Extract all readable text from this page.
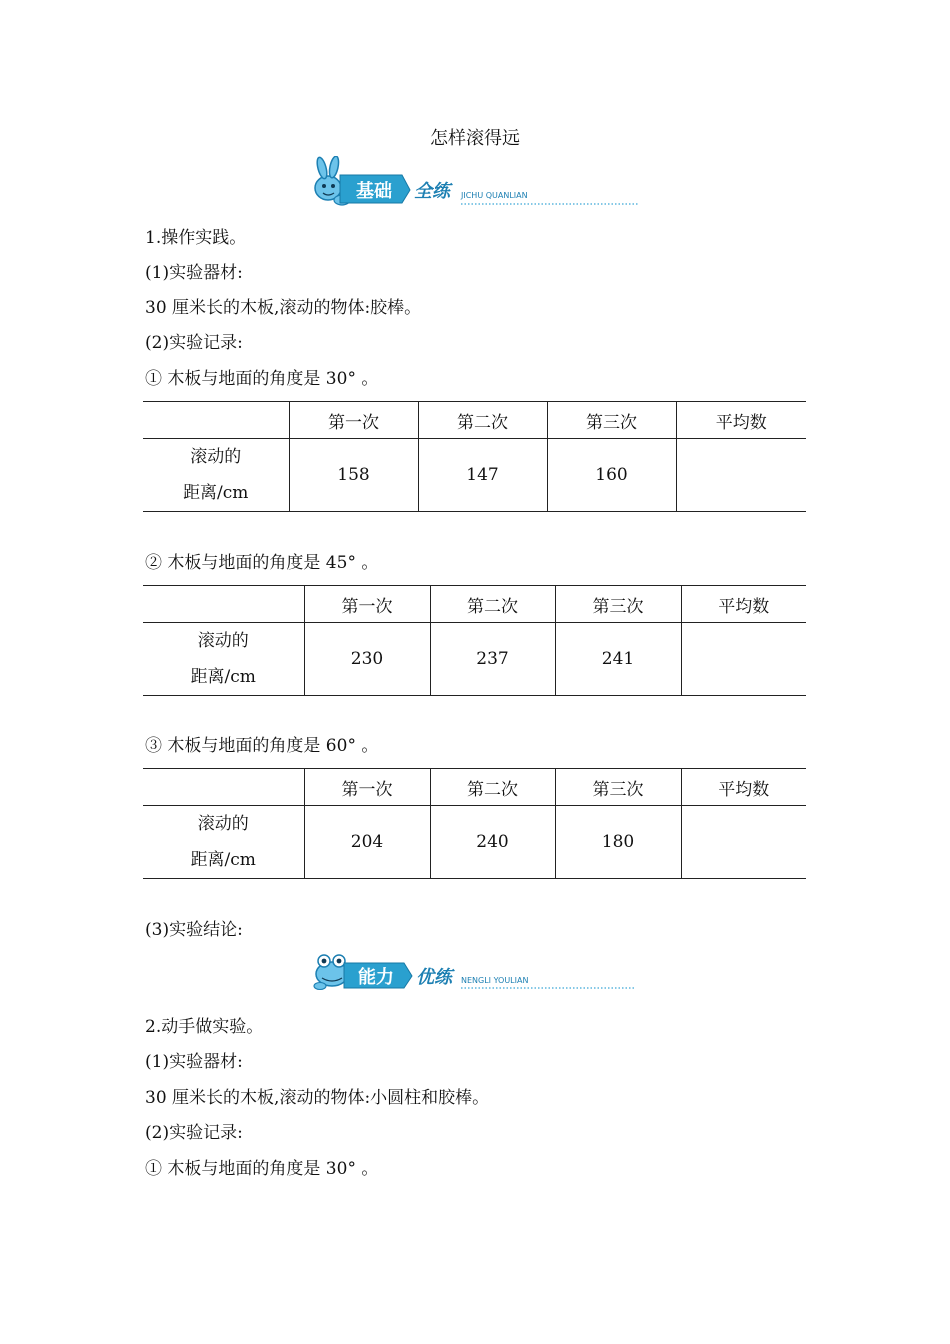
怎样滚得远
基础 全练	JICHU QUANLIAN
1.操作实践。
(1)实验器材:
30 厘米长的木板,滚动的物体:胶棒。
(2)实验记录:
① 木板与地面的角度是 30° 。
	第一次	第二次	第三次	平均数

滚动的
距离/cm	158	147	160	
② 木板与地面的角度是 45° 。
	第一次	第二次	第三次	平均数

滚动的
距离/cm	230	237	241	
③ 木板与地面的角度是 60° 。
	第一次	第二次	第三次	平均数

滚动的
距离/cm	204	240	180	
(3)实验结论:
能力 优练	NENGLI YOULIAN
2.动手做实验。
(1)实验器材:
30 厘米长的木板,滚动的物体:小圆柱和胶棒。
(2)实验记录:
① 木板与地面的角度是 30° 。
